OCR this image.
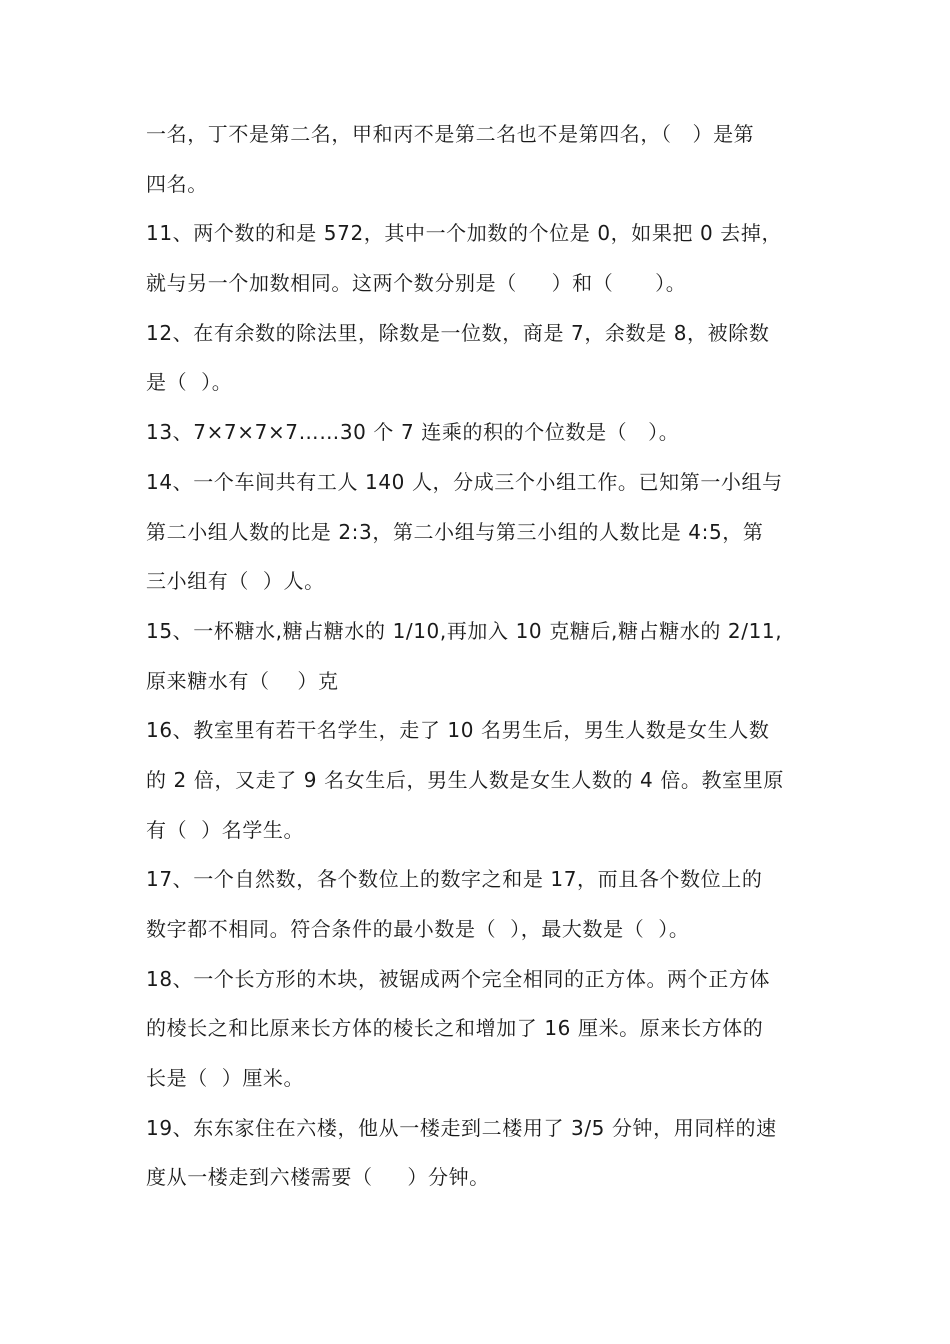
一名，丁不是第二名，甲和丙不是第二名也不是第四名，（   ）是第
四名。
11、两个数的和是 572，其中一个加数的个位是 0，如果把 0 去掉，
就与另一个加数相同。这两个数分别是（     ）和（      ）。
12、在有余数的除法里，除数是一位数，商是 7，余数是 8，被除数
是（  ）。
13、7×7×7×7……30 个 7 连乘的积的个位数是（   ）。
14、一个车间共有工人 140 人，分成三个小组工作。已知第一小组与
第二小组人数的比是 2:3，第二小组与第三小组的人数比是 4:5，第
三小组有（  ）人。
15、一杯糖水,糖占糖水的 1/10,再加入 10 克糖后,糖占糖水的 2/11,
原来糖水有（    ）克
16、教室里有若干名学生，走了 10 名男生后，男生人数是女生人数
的 2 倍，又走了 9 名女生后，男生人数是女生人数的 4 倍。教室里原
有（  ）名学生。
17、一个自然数，各个数位上的数字之和是 17，而且各个数位上的
数字都不相同。符合条件的最小数是（  ），最大数是（  ）。
18、一个长方形的木块，被锯成两个完全相同的正方体。两个正方体
的棱长之和比原来长方体的棱长之和增加了 16 厘米。原来长方体的
长是（  ）厘米。
19、东东家住在六楼，他从一楼走到二楼用了 3/5 分钟，用同样的速
度从一楼走到六楼需要（     ）分钟。
